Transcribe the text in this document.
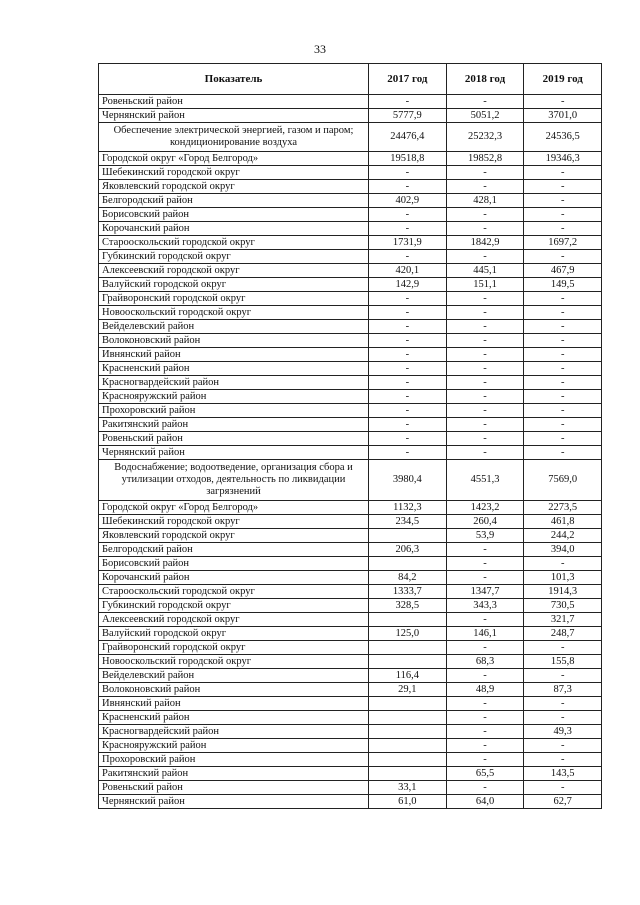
33
Показатель	2017 год	2018 год	2019 год
Ровеньский район	-	-	-
Чернянский район	5777,9	5051,2	3701,0
Обеспечение электрической энергией, газом и паром; кондиционирование воздуха	24476,4	25232,3	24536,5
Городской округ «Город Белгород»	19518,8	19852,8	19346,3
Шебекинский городской округ	-	-	-
Яковлевский городской округ	-	-	-
Белгородский район	402,9	428,1	-
Борисовский район	-	-	-
Корочанский район	-	-	-
Старооскольский городской округ	1731,9	1842,9	1697,2
Губкинский городской округ	-	-	-
Алексеевский городской округ	420,1	445,1	467,9
Валуйский городской округ	142,9	151,1	149,5
Грайворонский городской округ	-	-	-
Новооскольский городской округ	-	-	-
Вейделевский район	-	-	-
Волоконовский район	-	-	-
Ивнянский район	-	-	-
Красненский район	-	-	-
Красногвардейский район	-	-	-
Краснояружский район	-	-	-
Прохоровский район	-	-	-
Ракитянский район	-	-	-
Ровеньский район	-	-	-
Чернянский район	-	-	-
Водоснабжение; водоотведение, организация сбора и утилизации отходов, деятельность по ликвидации загрязнений	3980,4	4551,3	7569,0
Городской округ «Город Белгород»	1132,3	1423,2	2273,5
Шебекинский городской округ	234,5	260,4	461,8
Яковлевский городской округ		53,9	244,2
Белгородский район	206,3	-	394,0
Борисовский район		-	-
Корочанский район	84,2	-	101,3
Старооскольский городской округ	1333,7	1347,7	1914,3
Губкинский городской округ	328,5	343,3	730,5
Алексеевский городской округ		-	321,7
Валуйский городской округ	125,0	146,1	248,7
Грайворонский городской округ		-	-
Новооскольский городской округ		68,3	155,8
Вейделевский район	116,4	-	-
Волоконовский район	29,1	48,9	87,3
Ивнянский район		-	-
Красненский район		-	-
Красногвардейский район		-	49,3
Краснояружский район		-	-
Прохоровский район		-	-
Ракитянский район		65,5	143,5
Ровеньский район	33,1	-	-
Чернянский район	61,0	64,0	62,7
